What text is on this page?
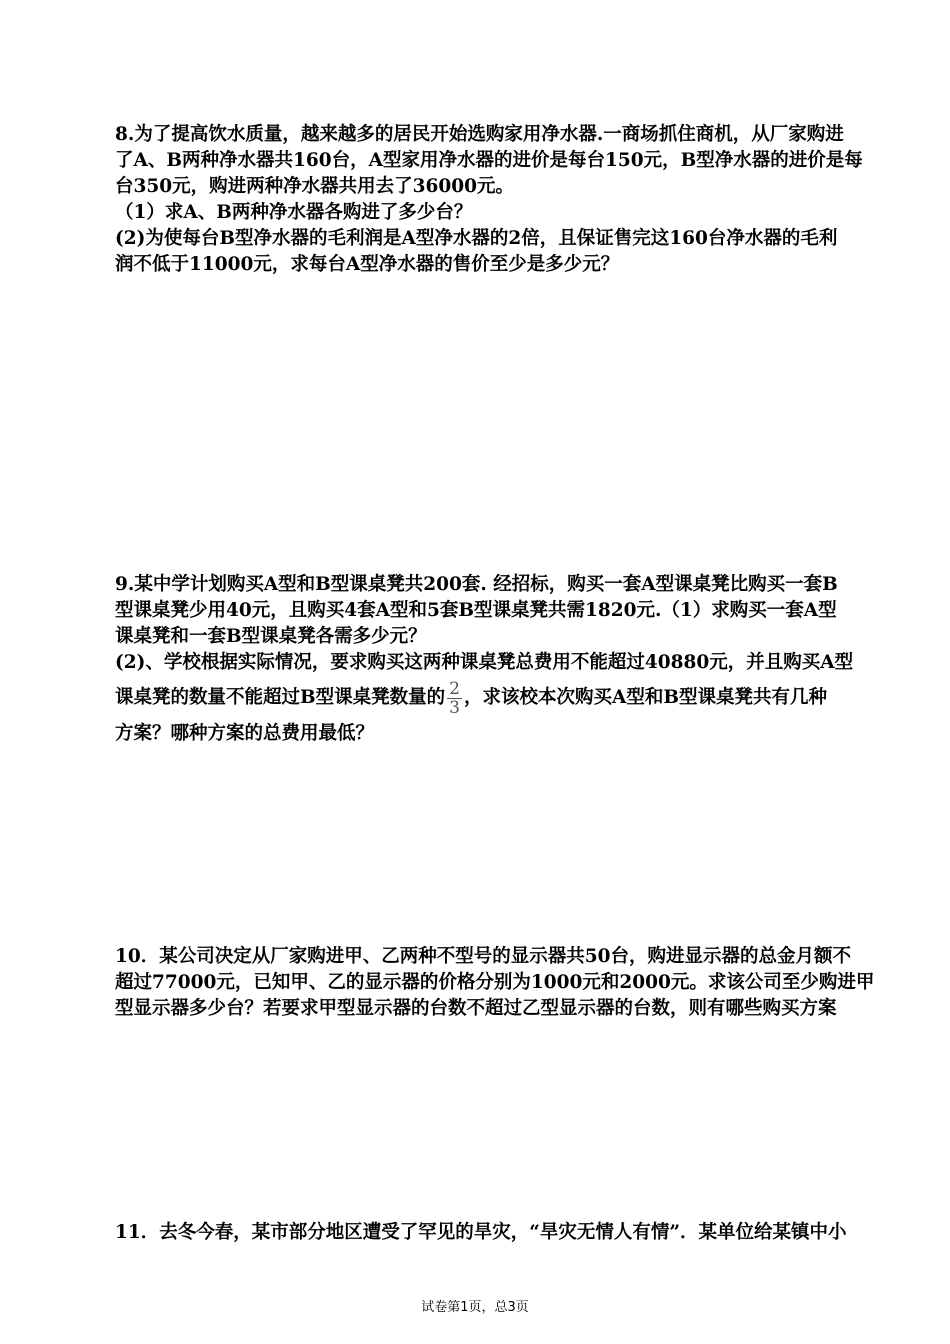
8.为了提高饮水质量，越来越多的居民开始选购家用净水器.一商场抓住商机，从厂家购进
了A、B两种净水器共160台，A型家用净水器的进价是每台150元，B型净水器的进价是每
台350元，购进两种净水器共用去了36000元。
（1）求A、B两种净水器各购进了多少台？
(2)为使每台B型净水器的毛利润是A型净水器的2倍，且保证售完这160台净水器的毛利
润不低于11000元，求每台A型净水器的售价至少是多少元？
9.某中学计划购买A型和B型课桌凳共200套. 经招标，购买一套A型课桌凳比购买一套B
型课桌凳少用40元，且购买4套A型和5套B型课桌凳共需1820元.（1）求购买一套A型
课桌凳和一套B型课桌凳各需多少元？
(2)、学校根据实际情况，要求购买这两种课桌凳总费用不能超过40880元，并且购买A型
课桌凳的数量不能超过B型课桌凳数量的 $\frac{2}{3}$ ，求该校本次购买A型和B型课桌凳共有几种
方案？哪种方案的总费用最低？
10．某公司决定从厂家购进甲、乙两种不型号的显示器共50台，购进显示器的总金月额不
超过77000元，已知甲、乙的显示器的价格分别为1000元和2000元。求该公司至少购进甲
型显示器多少台？若要求甲型显示器的台数不超过乙型显示器的台数，则有哪些购买方案
11．去冬今春，某市部分地区遭受了罕见的旱灾，“旱灾无情人有情”．某单位给某镇中小
试卷第1页，总3页
